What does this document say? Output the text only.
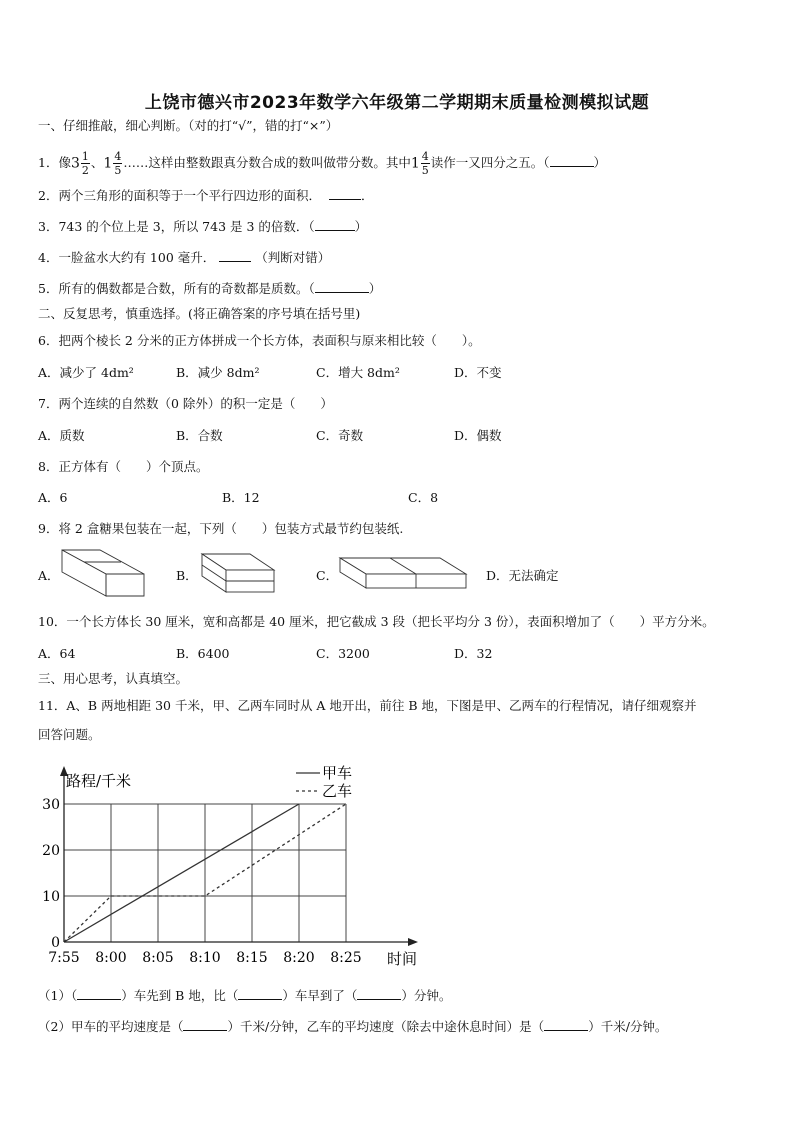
上饶市德兴市2023年数学六年级第二学期期末质量检测模拟试题
一、仔细推敲，细心判断。（对的打“√”，错的打“×”）
1．像$3 \frac{1}{2}$ 、$1 \frac{4}{5}$ ……这样由整数跟真分数合成的数叫做带分数。其中$1 \frac{4}{5}$ 读作一又四分之五。（	）
2．两个三角形的面积等于一个平行四边形的面积．	．
3．743 的个位上是 3，所以 743 是 3 的倍数．（	）
4．一脸盆水大约有 100 毫升．	（判断对错）
5．所有的偶数都是合数，所有的奇数都是质数。（	）
二、反复思考，慎重选择。(将正确答案的序号填在括号里)
6．把两个棱长 2 分米的正方体拼成一个长方体，表面积与原来相比较（　　）。
A．减少了 4dm²	B．减少 8dm²	C．增大 8dm²	D．不变
7．两个连续的自然数（0 除外）的积一定是（　　）
A．质数	B．合数	C．奇数	D．偶数
8．正方体有（　　）个顶点。
A．6	B．12	C．8
9．将 2 盒糖果包装在一起，下列（　　）包装方式最节约包装纸.
A．	B．	C．	D．无法确定
10．一个长方体长 30 厘米，宽和高都是 40 厘米，把它截成 3 段（把长平均分 3 份），表面积增加了（　　）平方分米。
A．64	B．6400	C．3200	D．32
三、用心思考，认真填空。
11．A、B 两地相距 30 千米，甲、乙两车同时从 A 地开出，前往 B 地，下图是甲、乙两车的行程情况，请仔细观察并
回答问题。
0
10
20
30
7:55 8:00 8:05 8:10 8:15 8:20 8:25
路程/千米
时间
甲车
乙车
（1）（	）车先到 B 地，比（	）车早到了（	）分钟。
（2）甲车的平均速度是（	）千米/分钟，乙车的平均速度（除去中途休息时间）是（	）千米/分钟。
